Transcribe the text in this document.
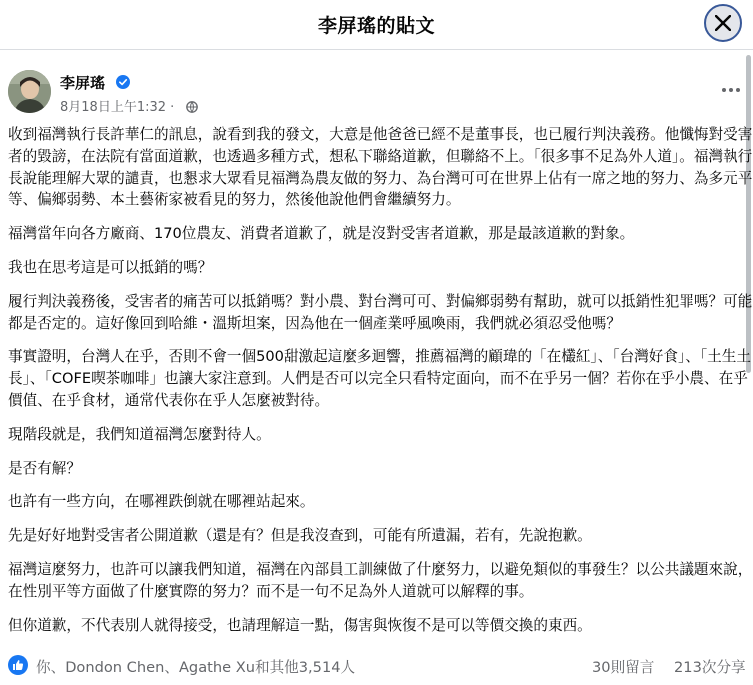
李屏瑤的貼文
李屏瑤
8月18日上午1:32 ·

收到福灣執行長許華仁的訊息，說看到我的發文，大意是他爸爸已經不是董事長，也已履行判決義務。他懺悔對受害者的毀謗，在法院有當面道歉，也透過多種方式，想私下聯絡道歉，但聯絡不上。「很多事不足為外人道」。福灣執行長說能理解大眾的譴責，也懇求大眾看見福灣為農友做的努力、為台灣可可在世界上佔有一席之地的努力、為多元平等、偏鄉弱勢、本土藝術家被看見的努力，然後他說他們會繼續努力。

福灣當年向各方廠商、170位農友、消費者道歉了，就是沒對受害者道歉，那是最該道歉的對象。

我也在思考這是可以抵銷的嗎？

履行判決義務後，受害者的痛苦可以抵銷嗎？對小農、對台灣可可、對偏鄉弱勢有幫助，就可以抵銷性犯罪嗎？可能都是否定的。這好像回到哈維・溫斯坦案，因為他在一個產業呼風喚雨，我們就必須忍受他嗎？

事實證明，台灣人在乎，否則不會一個500甜激起這麼多迴響，推薦福灣的顧瑋的「在欉紅」、「台灣好食」、「土生土長」、「COFE喫茶咖啡」也讓大家注意到。人們是否可以完全只看特定面向，而不在乎另一個？若你在乎小農、在乎價值、在乎食材，通常代表你在乎人怎麼被對待。

現階段就是，我們知道福灣怎麼對待人。

是否有解？

也許有一些方向，在哪裡跌倒就在哪裡站起來。

先是好好地對受害者公開道歉（還是有？但是我沒查到，可能有所遺漏，若有，先說抱歉。

福灣這麼努力，也許可以讓我們知道，福灣在內部員工訓練做了什麼努力，以避免類似的事發生？以公共議題來說，在性別平等方面做了什麼實際的努力？而不是一句不足為外人道就可以解釋的事。

但你道歉，不代表別人就得接受，也請理解這一點，傷害與恢復不是可以等價交換的東西。

你、Dondon Chen、Agathe Xu和其他3,514人	30則留言 213次分享
